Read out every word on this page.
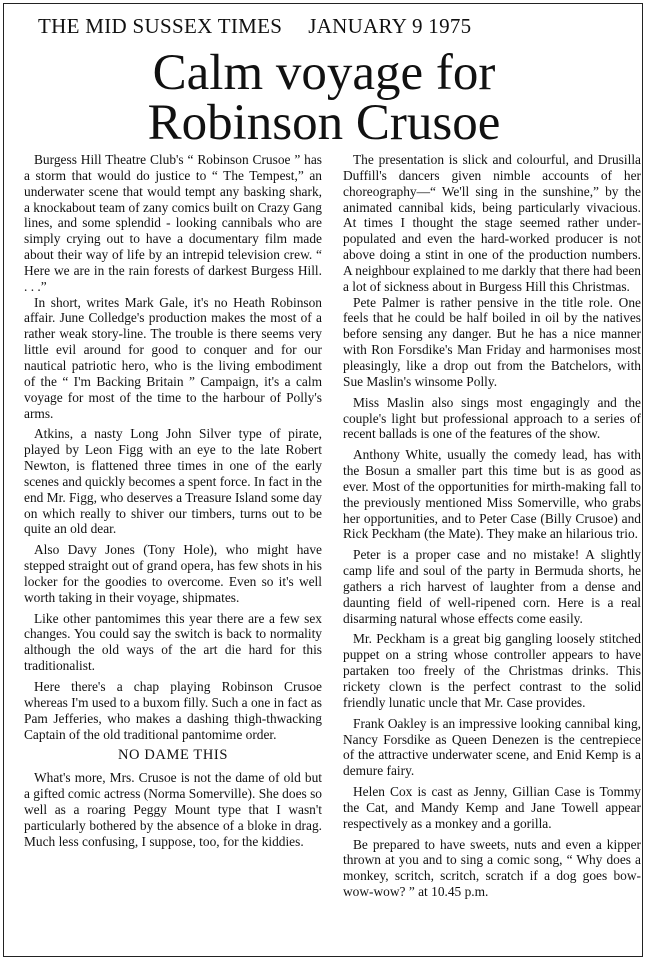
THE MID SUSSEX TIMES JANUARY 9 1975
Calm voyage for
Robinson Crusoe

Burgess Hill Theatre Club's “ Robinson Crusoe ” has a storm that would do justice to “ The Tempest,” an underwater scene that would tempt any basking shark, a knockabout team of zany comics built on Crazy Gang lines, and some splendid - looking cannibals who are simply crying out to have a documentary film made about their way of life by an intrepid television crew. “ Here we are in the rain forests of darkest Burgess Hill. . . .”

In short, writes Mark Gale, it's no Heath Robinson affair. June Colledge's production makes the most of a rather weak story-line. The trouble is there seems very little evil around for good to conquer and for our nautical patriotic hero, who is the living embodiment of the “ I'm Backing Britain ” Campaign, it's a calm voyage for most of the time to the harbour of Polly's arms.

Atkins, a nasty Long John Silver type of pirate, played by Leon Figg with an eye to the late Robert Newton, is flattened three times in one of the early scenes and quickly becomes a spent force. In fact in the end Mr. Figg, who deserves a Treasure Island some day on which really to shiver our timbers, turns out to be quite an old dear.

Also Davy Jones (Tony Hole), who might have stepped straight out of grand opera, has few shots in his locker for the goodies to overcome. Even so it's well worth taking in their voyage, shipmates.

Like other pantomimes this year there are a few sex changes. You could say the switch is back to normality although the old ways of the art die hard for this traditionalist.

Here there's a chap playing Robinson Crusoe whereas I'm used to a buxom filly. Such a one in fact as Pam Jefferies, who makes a dashing thigh-thwacking Captain of the old traditional pantomime order.

NO DAME THIS

What's more, Mrs. Crusoe is not the dame of old but a gifted comic actress (Norma Somerville). She does so well as a roaring Peggy Mount type that I wasn't particularly bothered by the absence of a bloke in drag. Much less confusing, I suppose, too, for the kiddies.

The presentation is slick and colourful, and Drusilla Duffill's dancers given nimble accounts of her choreography—“ We'll sing in the sunshine,” by the animated cannibal kids, being particularly vivacious. At times I thought the stage seemed rather under-populated and even the hard-worked producer is not above doing a stint in one of the production numbers. A neighbour explained to me darkly that there had been a lot of sickness about in Burgess Hill this Christmas.

Pete Palmer is rather pensive in the title role. One feels that he could be half boiled in oil by the natives before sensing any danger. But he has a nice manner with Ron Forsdike's Man Friday and harmonises most pleasingly, like a drop out from the Batchelors, with Sue Maslin's winsome Polly.

Miss Maslin also sings most engagingly and the couple's light but professional approach to a series of recent ballads is one of the features of the show.

Anthony White, usually the comedy lead, has with the Bosun a smaller part this time but is as good as ever. Most of the opportunities for mirth-making fall to the previously mentioned Miss Somerville, who grabs her opportunities, and to Peter Case (Billy Crusoe) and Rick Peckham (the Mate). They make an hilarious trio.

Peter is a proper case and no mistake! A slightly camp life and soul of the party in Bermuda shorts, he gathers a rich harvest of laughter from a dense and daunting field of well-ripened corn. Here is a real disarming natural whose effects come easily.

Mr. Peckham is a great big gangling loosely stitched puppet on a string whose controller appears to have partaken too freely of the Christmas drinks. This rickety clown is the perfect contrast to the solid friendly lunatic uncle that Mr. Case provides.

Frank Oakley is an impressive looking cannibal king, Nancy Forsdike as Queen Denezen is the centrepiece of the attractive underwater scene, and Enid Kemp is a demure fairy.

Helen Cox is cast as Jenny, Gillian Case is Tommy the Cat, and Mandy Kemp and Jane Towell appear respectively as a monkey and a gorilla.

Be prepared to have sweets, nuts and even a kipper thrown at you and to sing a comic song, “ Why does a monkey, scritch, scritch, scratch if a dog goes bow-wow-wow? ” at 10.45 p.m.
